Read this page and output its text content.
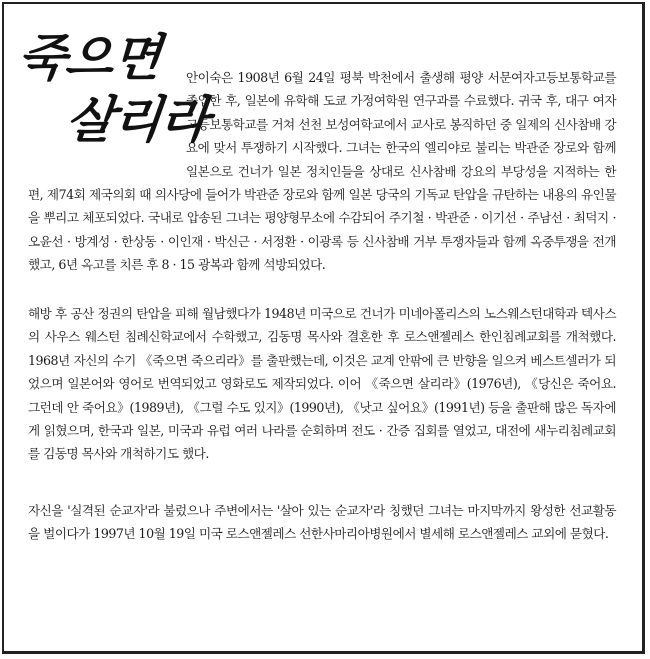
죽으면
살리라

안이숙은 1908년 6월 24일 평북 박천에서 출생해 평양 서문여자고등보통학교를 졸업한 후, 일본에 유학해 도쿄 가정여학원 연구과를 수료했다. 귀국 후, 대구 여자고등보통학교를 거쳐 선천 보성여학교에서 교사로 봉직하던 중 일제의 신사참배 강요에 맞서 투쟁하기 시작했다. 그녀는 한국의 엘리야로 불리는 박관준 장로와 함께 일본으로 건너가 일본 정치인들을 상대로 신사참배 강요의 부당성을 지적하는 한편, 제74회 제국의회 때 의사당에 들어가 박관준 장로와 함께 일본 당국의 기독교 탄압을 규탄하는 내용의 유인물을 뿌리고 체포되었다. 국내로 압송된 그녀는 평양형무소에 수감되어 주기철 · 박관준 · 이기선 · 주남선 · 최덕지 · 오윤선 · 방계성 · 한상동 · 이인재 · 박신근 · 서정환 · 이광록 등 신사참배 거부 투쟁자들과 함께 옥중투쟁을 전개했고, 6년 옥고를 치른 후 8 · 15 광복과 함께 석방되었다.

해방 후 공산 정권의 탄압을 피해 월남했다가 1948년 미국으로 건너가 미네아폴리스의 노스웨스턴대학과 텍사스의 사우스 웨스턴 침례신학교에서 수학했고, 김동명 목사와 결혼한 후 로스앤젤레스 한인침례교회를 개척했다. 1968년 자신의 수기 《죽으면 죽으리라》를 출판했는데, 이것은 교계 안팎에 큰 반향을 일으켜 베스트셀러가 되었으며 일본어와 영어로 번역되었고 영화로도 제작되었다. 이어 《죽으면 살리라》(1976년), 《당신은 죽어요. 그런데 안 죽어요》(1989년), 《그럴 수도 있지》(1990년), 《낫고 싶어요》(1991년) 등을 출판해 많은 독자에게 읽혔으며, 한국과 일본, 미국과 유럽 여러 나라를 순회하며 전도 · 간증 집회를 열었고, 대전에 새누리침례교회를 김동명 목사와 개척하기도 했다.

자신을 '실격된 순교자'라 불렀으나 주변에서는 '살아 있는 순교자'라 칭했던 그녀는 마지막까지 왕성한 선교활동을 벌이다가 1997년 10월 19일 미국 로스앤젤레스 선한사마리아병원에서 별세해 로스앤젤레스 교외에 묻혔다.
